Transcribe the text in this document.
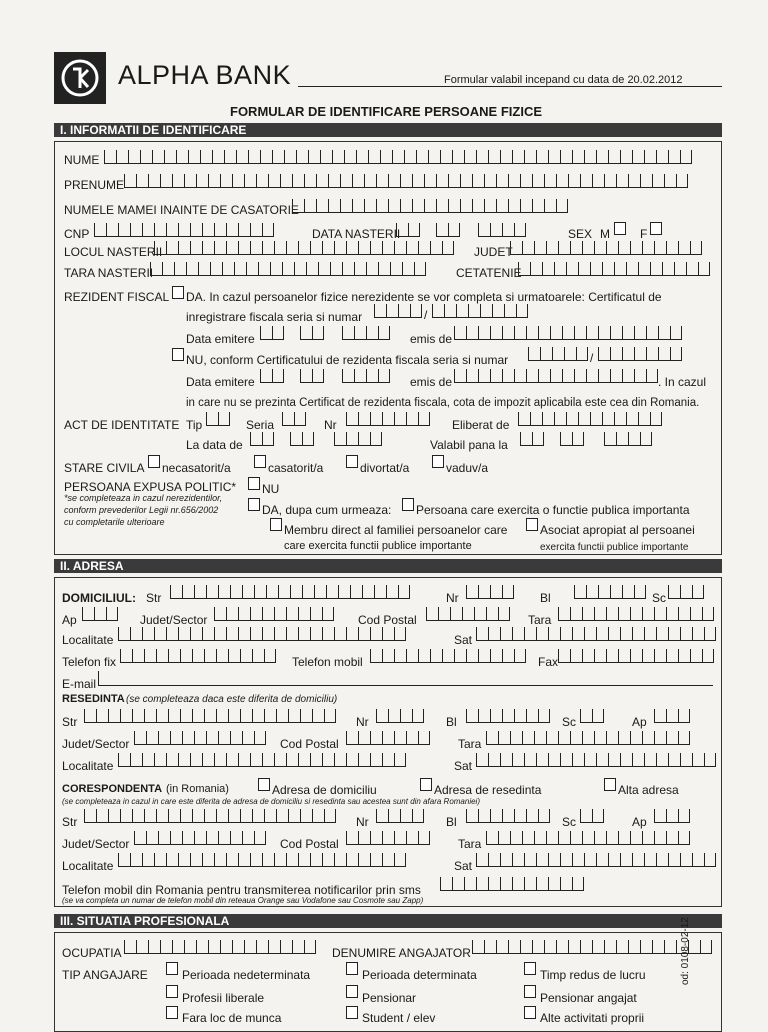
ALPHA BANK	Formular valabil incepand cu data de 20.02.2012
FORMULAR DE IDENTIFICARE PERSOANE FIZICE
I. INFORMATII DE IDENTIFICARE
NUME
PRENUME
NUMELE MAMEI INAINTE DE CASATORIE
CNP	DATA NASTERII	SEX M	F
LOCUL NASTERII	JUDET
TARA NASTERII	CETATENIE
REZIDENT FISCAL DA. In cazul persoanelor fizice nerezidente se vor completa si urmatoarele: Certificatul de
inregistrare fiscala seria si numar	/
Data emitere	emis de
NU, conform Certificatului de rezidenta fiscala seria si numar	/
Data emitere	emis de	. In cazul
in care nu se prezinta Certificat de rezidenta fiscala, cota de impozit aplicabila este cea din Romania.
ACT DE IDENTITATE Tip	Seria	Nr	Eliberat de
La data de	Valabil pana la
STARE CIVILA necasatorit/a	casatorit/a	divortat/a	vaduv/a
PERSOANA EXPUSA POLITIC*
*se completeaza in cazul nerezidentilor,
conform prevederilor Legii nr.656/2002
cu completarile ulterioare
NU
DA, dupa cum urmeaza: Persoana care exercita o functie publica importanta
Membru direct al familiei persoanelor care
care exercita functii publice importante
Asociat apropiat al persoanei
exercita functii publice importante
II. ADRESA
DOMICILIUL: Str	Nr	Bl	Sc
Ap	Judet/Sector	Cod Postal	Tara
Localitate	Sat
Telefon fix	Telefon mobil	Fax
E-mail
RESEDINTA (se completeaza daca este diferita de domiciliu)
Str	Nr	Bl	Sc	Ap
Judet/Sector	Cod Postal	Tara
Localitate	Sat
CORESPONDENTA (in Romania)	Adresa de domiciliu	Adresa de resedinta	Alta adresa
(se completeaza in cazul in care este diferita de adresa de domiciliu si resedinta sau acestea sunt din afara Romaniei)
Str	Nr	Bl	Sc	Ap
Judet/Sector	Cod Postal	Tara
Localitate	Sat
Telefon mobil din Romania pentru transmiterea notificarilor prin sms
(se va completa un numar de telefon mobil din reteaua Orange sau Vodafone sau Cosmote sau Zapp)
III. SITUATIA PROFESIONALA
OCUPATIA	DENUMIRE ANGAJATOR
TIP ANGAJARE	Perioada nedeterminata	Perioada determinata	Timp redus de lucru
Profesii liberale	Pensionar	Pensionar angajat
Fara loc de munca	Student / elev	Alte activitati proprii
od: 0108-02-12
